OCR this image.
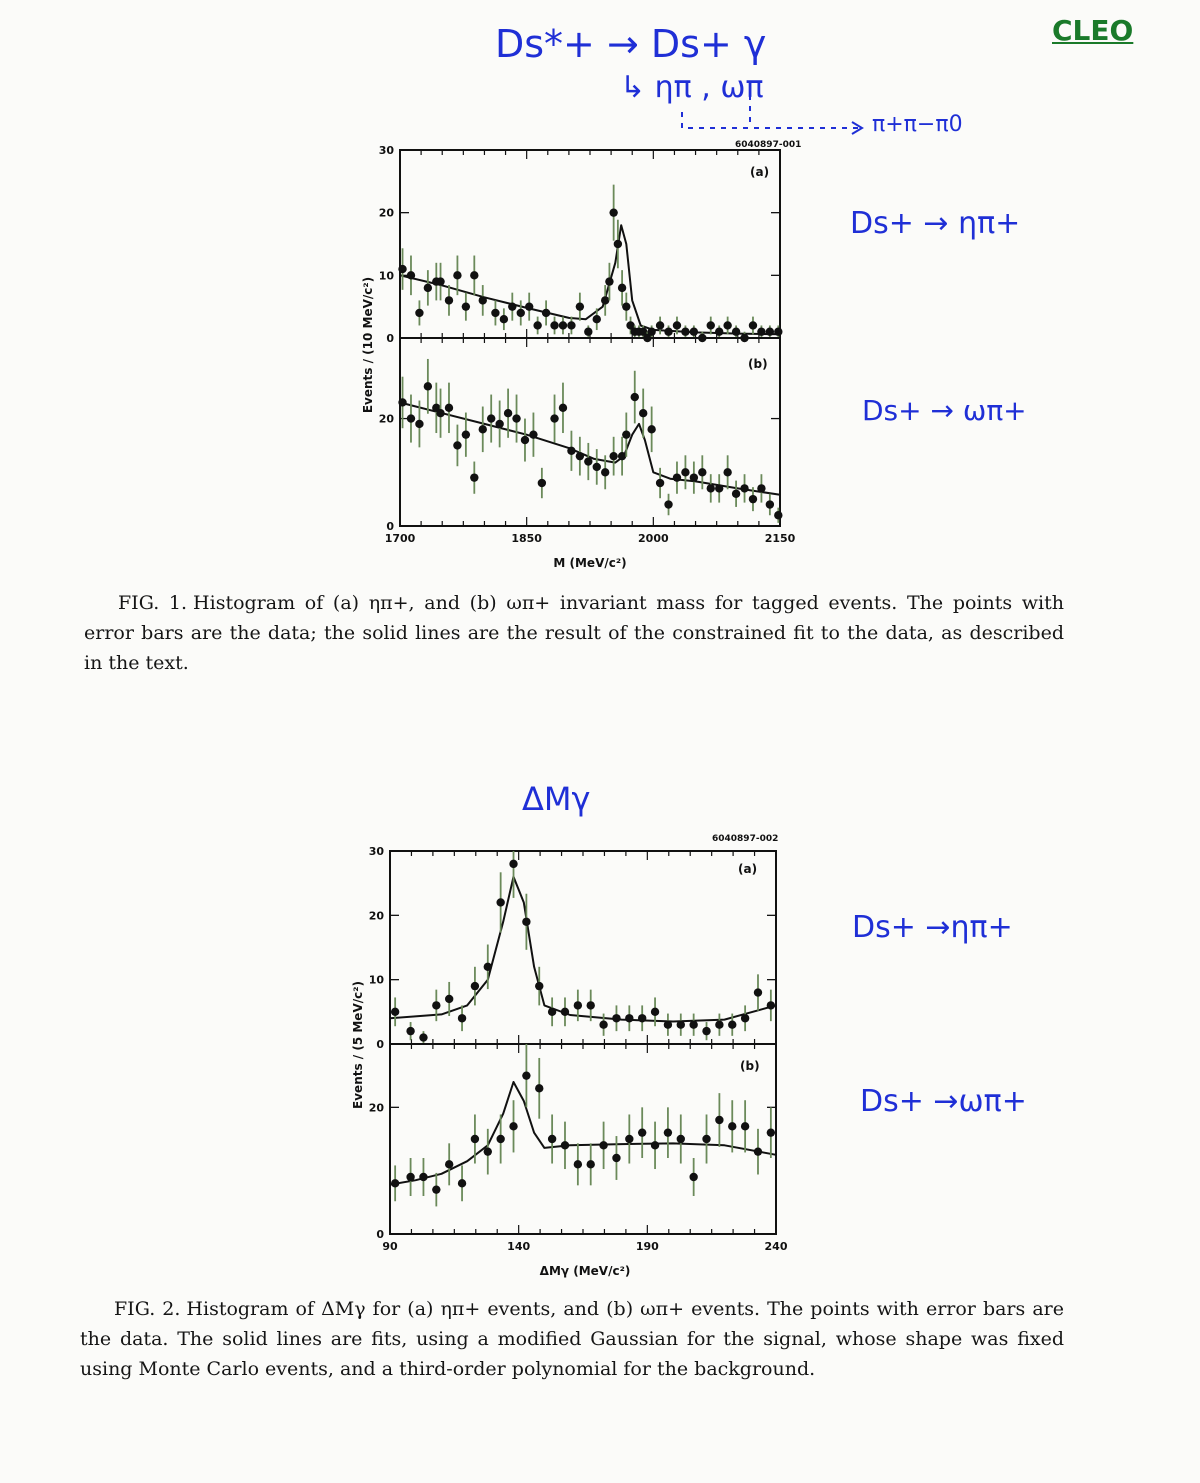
CLEO
Ds*+ → Ds+ γ
↳ ηπ , ωπ
π+π−π0
Ds+ → ηπ+
Ds+ → ωπ+
ΔMγ
Ds+ →ηπ+
Ds+ →ωπ+
6040897-001
Events / (10 MeV/c²)
M (MeV/c²)
0
10
20
30
(a)
0
20
1700	1850	2000	2150
(b)
6040897-002
Events / (5 MeV/c²)
ΔMγ (MeV/c²)
0
10
20
30
(a)
0
20
90	140	190	240
(b)
FIG. 1. Histogram of (a) ηπ+, and (b) ωπ+ invariant mass for tagged events. The points with error bars are the data; the solid lines are the result of the constrained fit to the data, as described in the text.
FIG. 2. Histogram of ΔMγ for (a) ηπ+ events, and (b) ωπ+ events. The points with error bars are the data. The solid lines are fits, using a modified Gaussian for the signal, whose shape was fixed using Monte Carlo events, and a third-order polynomial for the background.
